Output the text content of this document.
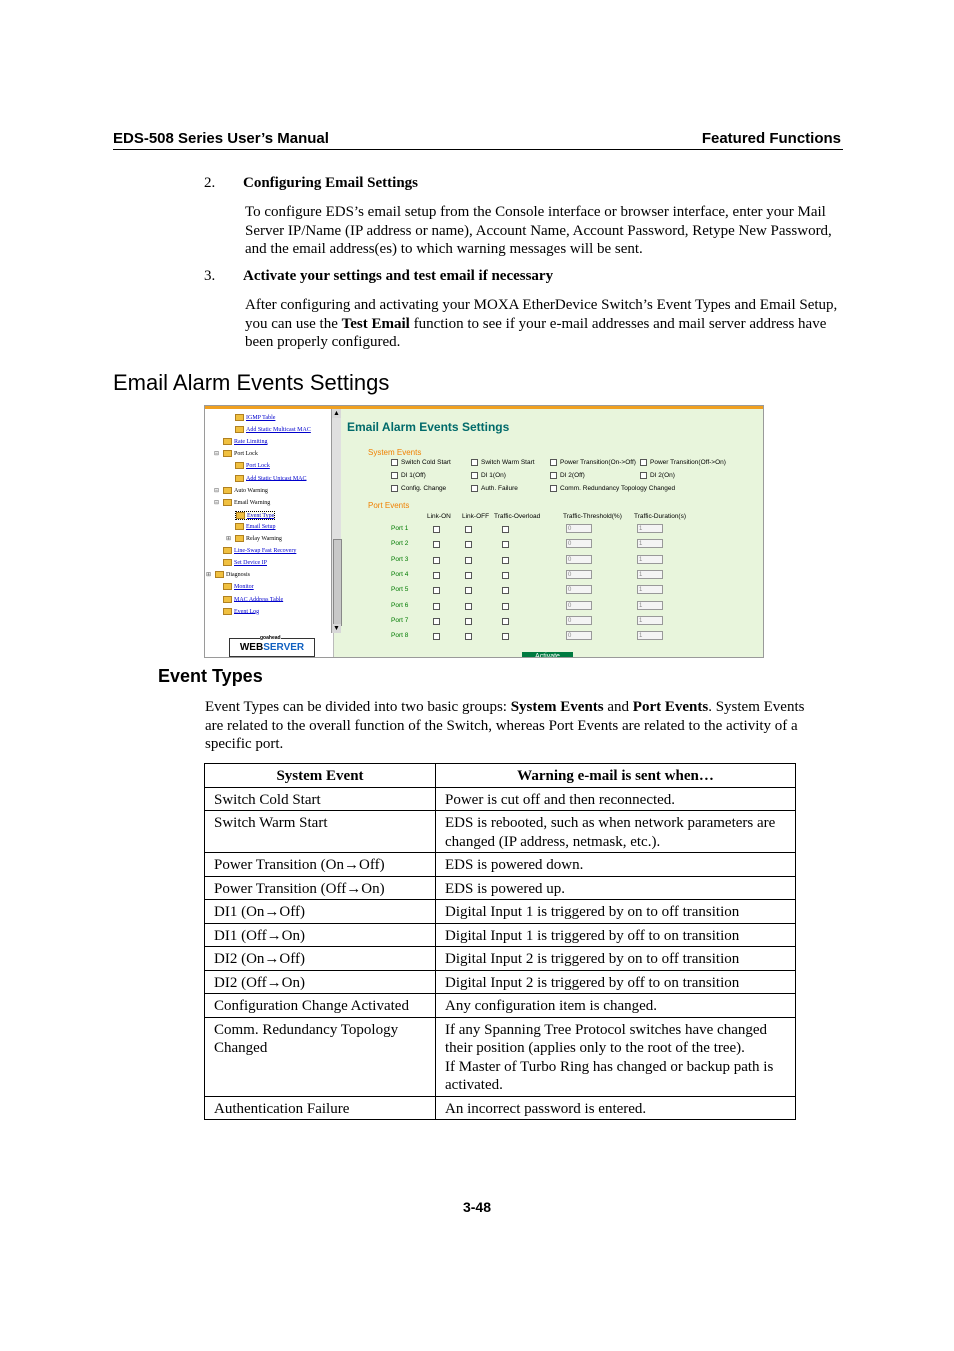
EDS-508 Series User’s Manual	Featured Functions
2. Configuring Email Settings
To configure EDS’s email setup from the Console interface or browser interface, enter your Mail Server IP/Name (IP address or name), Account Name, Account Password, Retype New Password, and the email address(es) to which warning messages will be sent.
3. Activate your settings and test email if necessary
After configuring and activating your MOXA EtherDevice Switch’s Event Types and Email Setup, you can use the Test Email function to see if your e-mail addresses and mail server address have been properly configured.
Email Alarm Events Settings
IGMP Table
Add Static Multicast MAC
Rate Limiting
Port Lock
⊟
Port Lock
Add Static Unicast MAC
Auto Warning
⊟
Email Warning
⊟
Event Type
Email Setup
Relay Warning
⊞
Line-Swap Fast Recovery
Set Device IP
Diagnosis
⊞
Monitor
MAC Address Table
Event Log
▲
▼
goahead
WEBSERVER
Email Alarm Events Settings
System Events
Port Events
Activate
Switch Cold Start	Switch Warm Start	Power Transition(On->Off)	Power Transition(Off->On)
DI 1(Off)	DI 1(On)	DI 2(Off)	DI 2(On)
Config. Change	Auth. Failure	Comm. Redundancy Topology Changed
Link-ON Link-OFF Traffic-Overload	Traffic-Threshold(%) Traffic-Duration(s)
Port 1	0	1
Port 2	0	1
Port 3	0	1
Port 4	0	1
Port 5	0	1
Port 6	0	1
Port 7	0	1
Port 8	0	1
Event Types
Event Types can be divided into two basic groups: System Events and Port Events. System Events are related to the overall function of the Switch, whereas Port Events are related to the activity of a specific port.
System Event	Warning e-mail is sent when…
Switch Cold Start	Power is cut off and then reconnected.
Switch Warm Start	EDS is rebooted, such as when network parameters are changed (IP address, netmask, etc.).
Power Transition (On→Off)	EDS is powered down.
Power Transition (Off→On)	EDS is powered up.
DI1 (On→Off)	Digital Input 1 is triggered by on to off transition
DI1 (Off→On)	Digital Input 1 is triggered by off to on transition
DI2 (On→Off)	Digital Input 2 is triggered by on to off transition
DI2 (Off→On)	Digital Input 2 is triggered by off to on transition
Configuration Change Activated	Any configuration item is changed.
Comm. Redundancy Topology Changed	If any Spanning Tree Protocol switches have changed their position (applies only to the root of the tree).
If Master of Turbo Ring has changed or backup path is activated.
Authentication Failure	An incorrect password is entered.
3-48
